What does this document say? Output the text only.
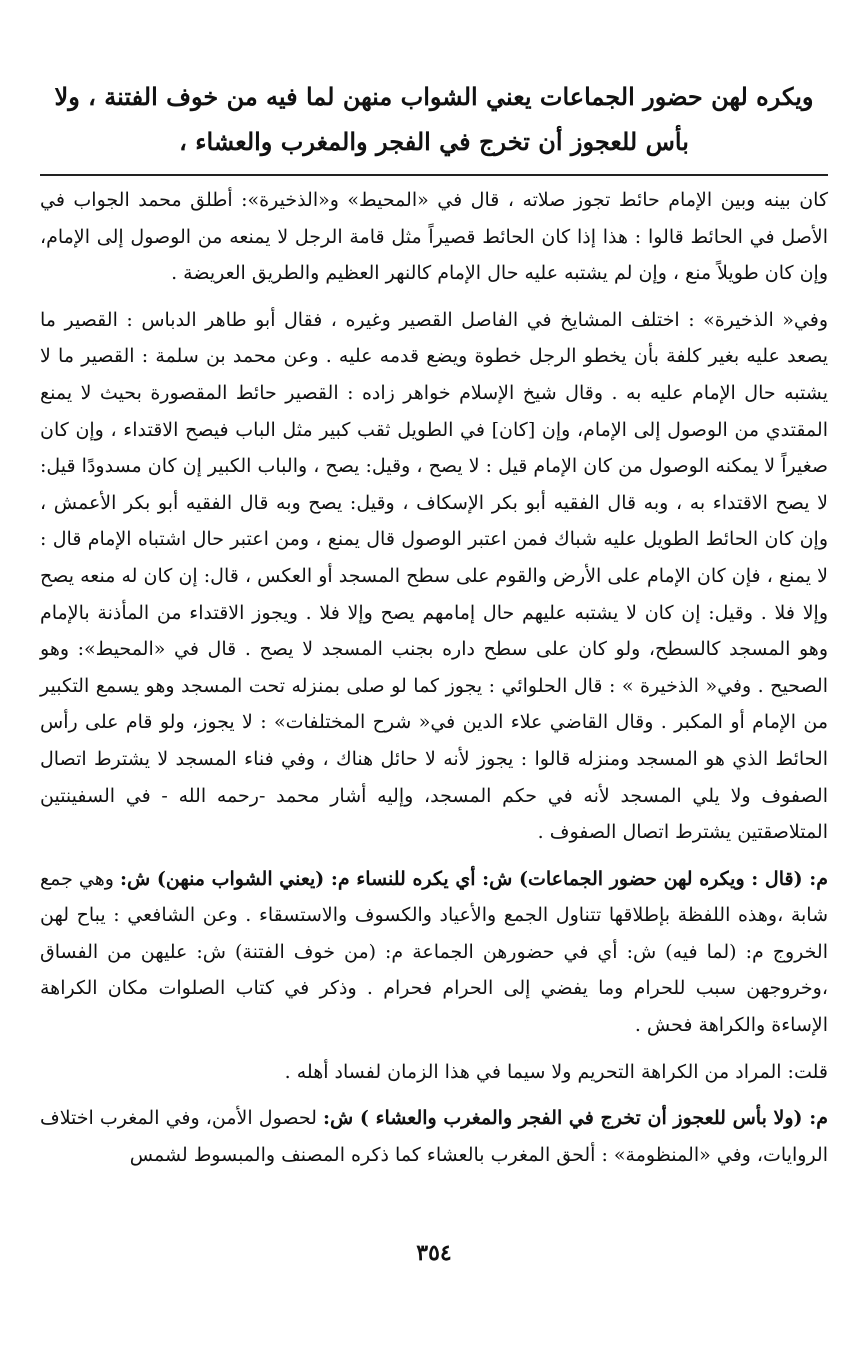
ويكره لهن حضور الجماعات يعني الشواب منهن لما فيه من خوف الفتنة ، ولا بأس للعجوز أن تخرج في الفجر والمغرب والعشاء ،

كان بينه وبين الإمام حائط تجوز صلاته ، قال في «المحيط» و«الذخيرة»: أطلق محمد الجواب في الأصل في الحائط قالوا : هذا إذا كان الحائط قصيراً مثل قامة الرجل لا يمنعه من الوصول إلى الإمام، وإن كان طويلاً منع ، وإن لم يشتبه عليه حال الإمام كالنهر العظيم والطريق العريضة .

وفي« الذخيرة» : اختلف المشايخ في الفاصل القصير وغيره ، فقال أبو طاهر الدباس : القصير ما يصعد عليه بغير كلفة بأن يخطو الرجل خطوة ويضع قدمه عليه . وعن محمد بن سلمة : القصير ما لا يشتبه حال الإمام عليه به . وقال شيخ الإسلام خواهر زاده : القصير حائط المقصورة بحيث لا يمنع المقتدي من الوصول إلى الإمام، وإن [كان] في الطويل ثقب كبير مثل الباب فيصح الاقتداء ، وإن كان صغيراً لا يمكنه الوصول من كان الإمام قيل : لا يصح ، وقيل: يصح ، والباب الكبير إن كان مسدودًا قيل: لا يصح الاقتداء به ، وبه قال الفقيه أبو بكر الإسكاف ، وقيل: يصح وبه قال الفقيه أبو بكر الأعمش ، وإن كان الحائط الطويل عليه شباك فمن اعتبر الوصول قال يمنع ، ومن اعتبر حال اشتباه الإمام قال : لا يمنع ، فإن كان الإمام على الأرض والقوم على سطح المسجد أو العكس ، قال: إن كان له منعه يصح وإلا فلا . وقيل: إن كان لا يشتبه عليهم حال إمامهم يصح وإلا فلا . ويجوز الاقتداء من المأذنة بالإمام وهو المسجد كالسطح، ولو كان على سطح داره بجنب المسجد لا يصح . قال في «المحيط»: وهو الصحيح . وفي« الذخيرة » : قال الحلوائي : يجوز كما لو صلى بمنزله تحت المسجد وهو يسمع التكبير من الإمام أو المكبر . وقال القاضي علاء الدين في« شرح المختلفات» : لا يجوز، ولو قام على رأس الحائط الذي هو المسجد ومنزله قالوا : يجوز لأنه لا حائل هناك ، وفي فناء المسجد لا يشترط اتصال الصفوف ولا يلي المسجد لأنه في حكم المسجد، وإليه أشار محمد -رحمه الله - في السفينتين المتلاصقتين يشترط اتصال الصفوف .

م: (قال : ويكره لهن حضور الجماعات) ش: أي يكره للنساء م: (يعني الشواب منهن) ش: وهي جمع شابة ،وهذه اللفظة بإطلاقها تتناول الجمع والأعياد والكسوف والاستسقاء . وعن الشافعي : يباح لهن الخروج م: (لما فيه) ش: أي في حضورهن الجماعة م: (من خوف الفتنة) ش: عليهن من الفساق ،وخروجهن سبب للحرام وما يفضي إلى الحرام فحرام . وذكر في كتاب الصلوات مكان الكراهة الإساءة والكراهة فحش .

قلت: المراد من الكراهة التحريم ولا سيما في هذا الزمان لفساد أهله .

م: (ولا بأس للعجوز أن تخرج في الفجر والمغرب والعشاء ) ش: لحصول الأمن، وفي المغرب اختلاف الروايات، وفي «المنظومة» : ألحق المغرب بالعشاء كما ذكره المصنف والمبسوط لشمس

٣٥٤
